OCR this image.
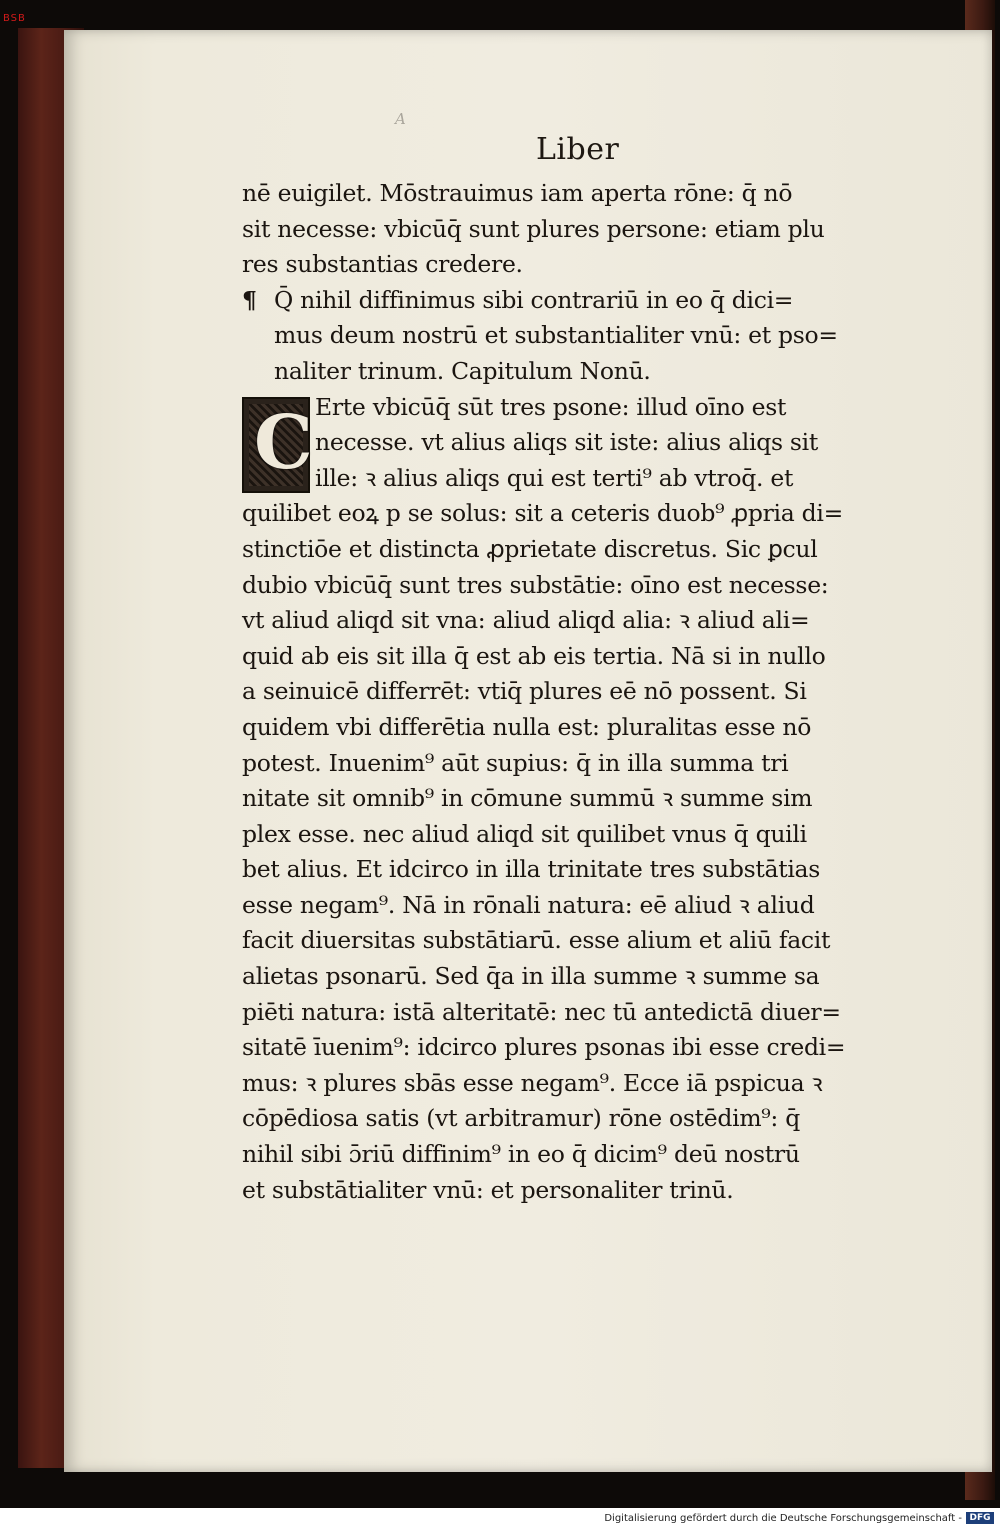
BSB
A
Liber
nē euigilet. Mōstrauimus iam aperta rōne: q̄ nō
sit necesse: vbicūq̄ sunt plures persone: etiam plu
res substantias credere.
¶ Q̄ nihil diffinimus sibi contrariū in eo q̄ dici=
mus deum nostrū et substantialiter vnū: et pso=
naliter trinum. Capitulum Nonū.
C Erte vbicūq̄ sūt tres psone: illud oīno est
necesse. vt alius aliqs sit iste: alius aliqs sit
ille: ꝛ alius aliqs qui est terti⁹ ab vtroq̄. et
quilibet eoꝝ p se solus: sit a ceteris duob⁹ ꝓpria di=
stinctiōe et distincta ꝓprietate discretus. Sic ꝑcul
dubio vbicūq̄ sunt tres substātie: oīno est necesse:
vt aliud aliqd sit vna: aliud aliqd alia: ꝛ aliud ali=
quid ab eis sit illa q̄ est ab eis tertia. Nā si in nullo
a seinuicē differrēt: vtiq̄ plures eē nō possent. Si
quidem vbi differētia nulla est: pluralitas esse nō
potest. Inuenim⁹ aūt supius: q̄ in illa summa tri
nitate sit omnib⁹ in cōmune summū ꝛ summe sim
plex esse. nec aliud aliqd sit quilibet vnus q̄ quili
bet alius. Et idcirco in illa trinitate tres substātias
esse negam⁹. Nā in rōnali natura: eē aliud ꝛ aliud
facit diuersitas substātiarū. esse alium et aliū facit
alietas psonarū. Sed q̄a in illa summe ꝛ summe sa
piēti natura: istā alteritatē: nec tū antedictā diuer=
sitatē īuenim⁹: idcirco plures psonas ibi esse credi=
mus: ꝛ plures sbās esse negam⁹. Ecce iā pspicua ꝛ
cōpēdiosa satis (vt arbitramur) rōne ostēdim⁹: q̄
nihil sibi ɔ̄riū diffinim⁹ in eo q̄ dicim⁹ deū nostrū
et substātialiter vnū: et personaliter trinū.
Digitalisierung gefördert durch die Deutsche Forschungsgemeinschaft - DFG
